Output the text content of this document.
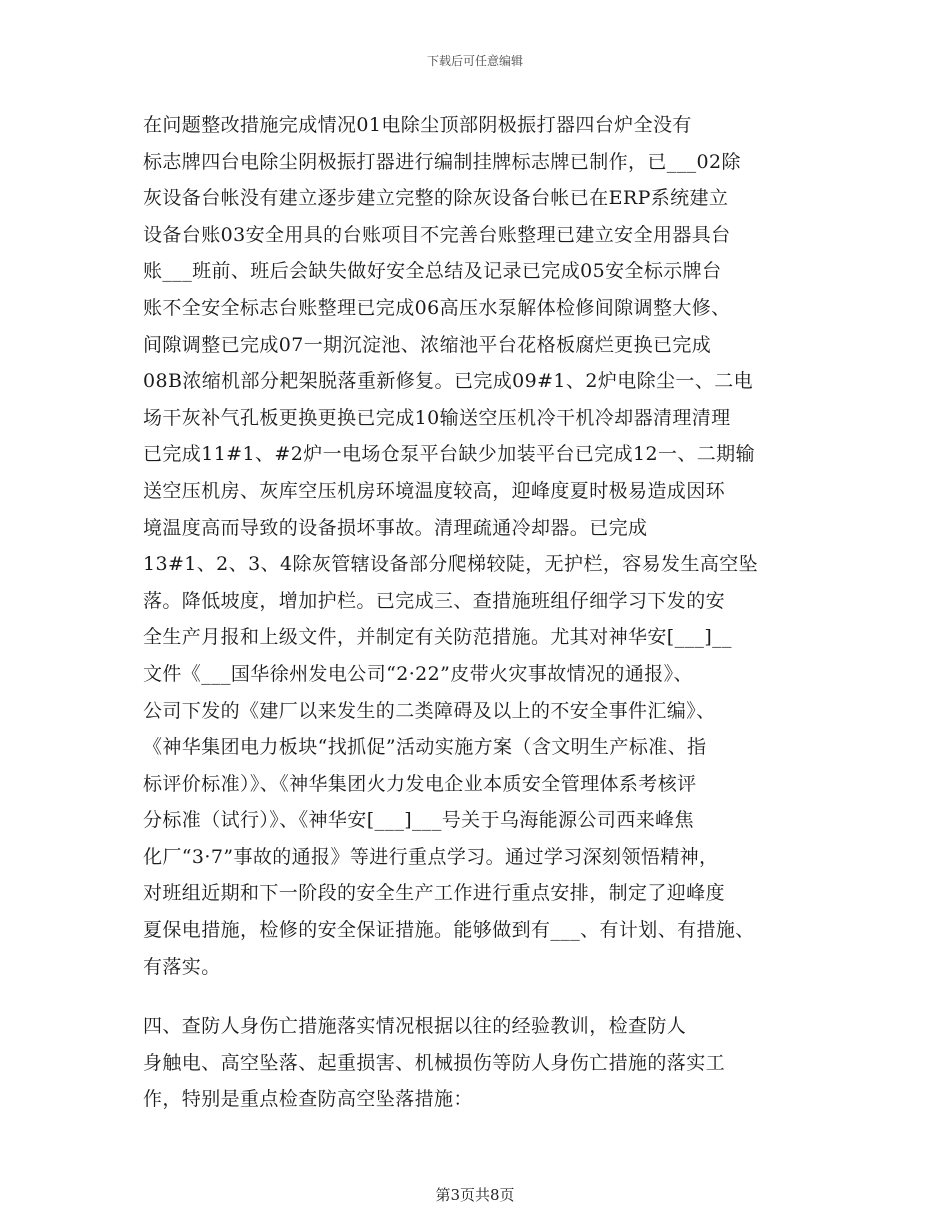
下载后可任意编辑
在问题整改措施完成情况01电除尘顶部阴极振打器四台炉全没有
标志牌四台电除尘阴极振打器进行编制挂牌标志牌已制作，已___02除
灰设备台帐没有建立逐步建立完整的除灰设备台帐已在ERP系统建立
设备台账03安全用具的台账项目不完善台账整理已建立安全用器具台
账___班前、班后会缺失做好安全总结及记录已完成05安全标示牌台
账不全安全标志台账整理已完成06高压水泵解体检修间隙调整大修、
间隙调整已完成07一期沉淀池、浓缩池平台花格板腐烂更换已完成
08B浓缩机部分耙架脱落重新修复。已完成09#1、2炉电除尘一、二电
场干灰补气孔板更换更换已完成10输送空压机冷干机冷却器清理清理
已完成11#1、#2炉一电场仓泵平台缺少加装平台已完成12一、二期输
送空压机房、灰库空压机房环境温度较高，迎峰度夏时极易造成因环
境温度高而导致的设备损坏事故。清理疏通冷却器。已完成
13#1、2、3、4除灰管辖设备部分爬梯较陡，无护栏，容易发生高空坠
落。降低坡度，增加护栏。已完成三、查措施班组仔细学习下发的安
全生产月报和上级文件，并制定有关防范措施。尤其对神华安[___]__
文件《___国华徐州发电公司“2·22”皮带火灾事故情况的通报》、
公司下发的《建厂以来发生的二类障碍及以上的不安全事件汇编》、
《神华集团电力板块“找抓促”活动实施方案（含文明生产标准、指
标评价标准）》、《神华集团火力发电企业本质安全管理体系考核评
分标准（试行）》、《神华安[___]___号关于乌海能源公司西来峰焦
化厂“3·7”事故的通报》等进行重点学习。通过学习深刻领悟精神，
对班组近期和下一阶段的安全生产工作进行重点安排，制定了迎峰度
夏保电措施，检修的安全保证措施。能够做到有___、有计划、有措施、
有落实。
四、查防人身伤亡措施落实情况根据以往的经验教训，检查防人
身触电、高空坠落、起重损害、机械损伤等防人身伤亡措施的落实工
作，特别是重点检查防高空坠落措施：
第3页共8页
